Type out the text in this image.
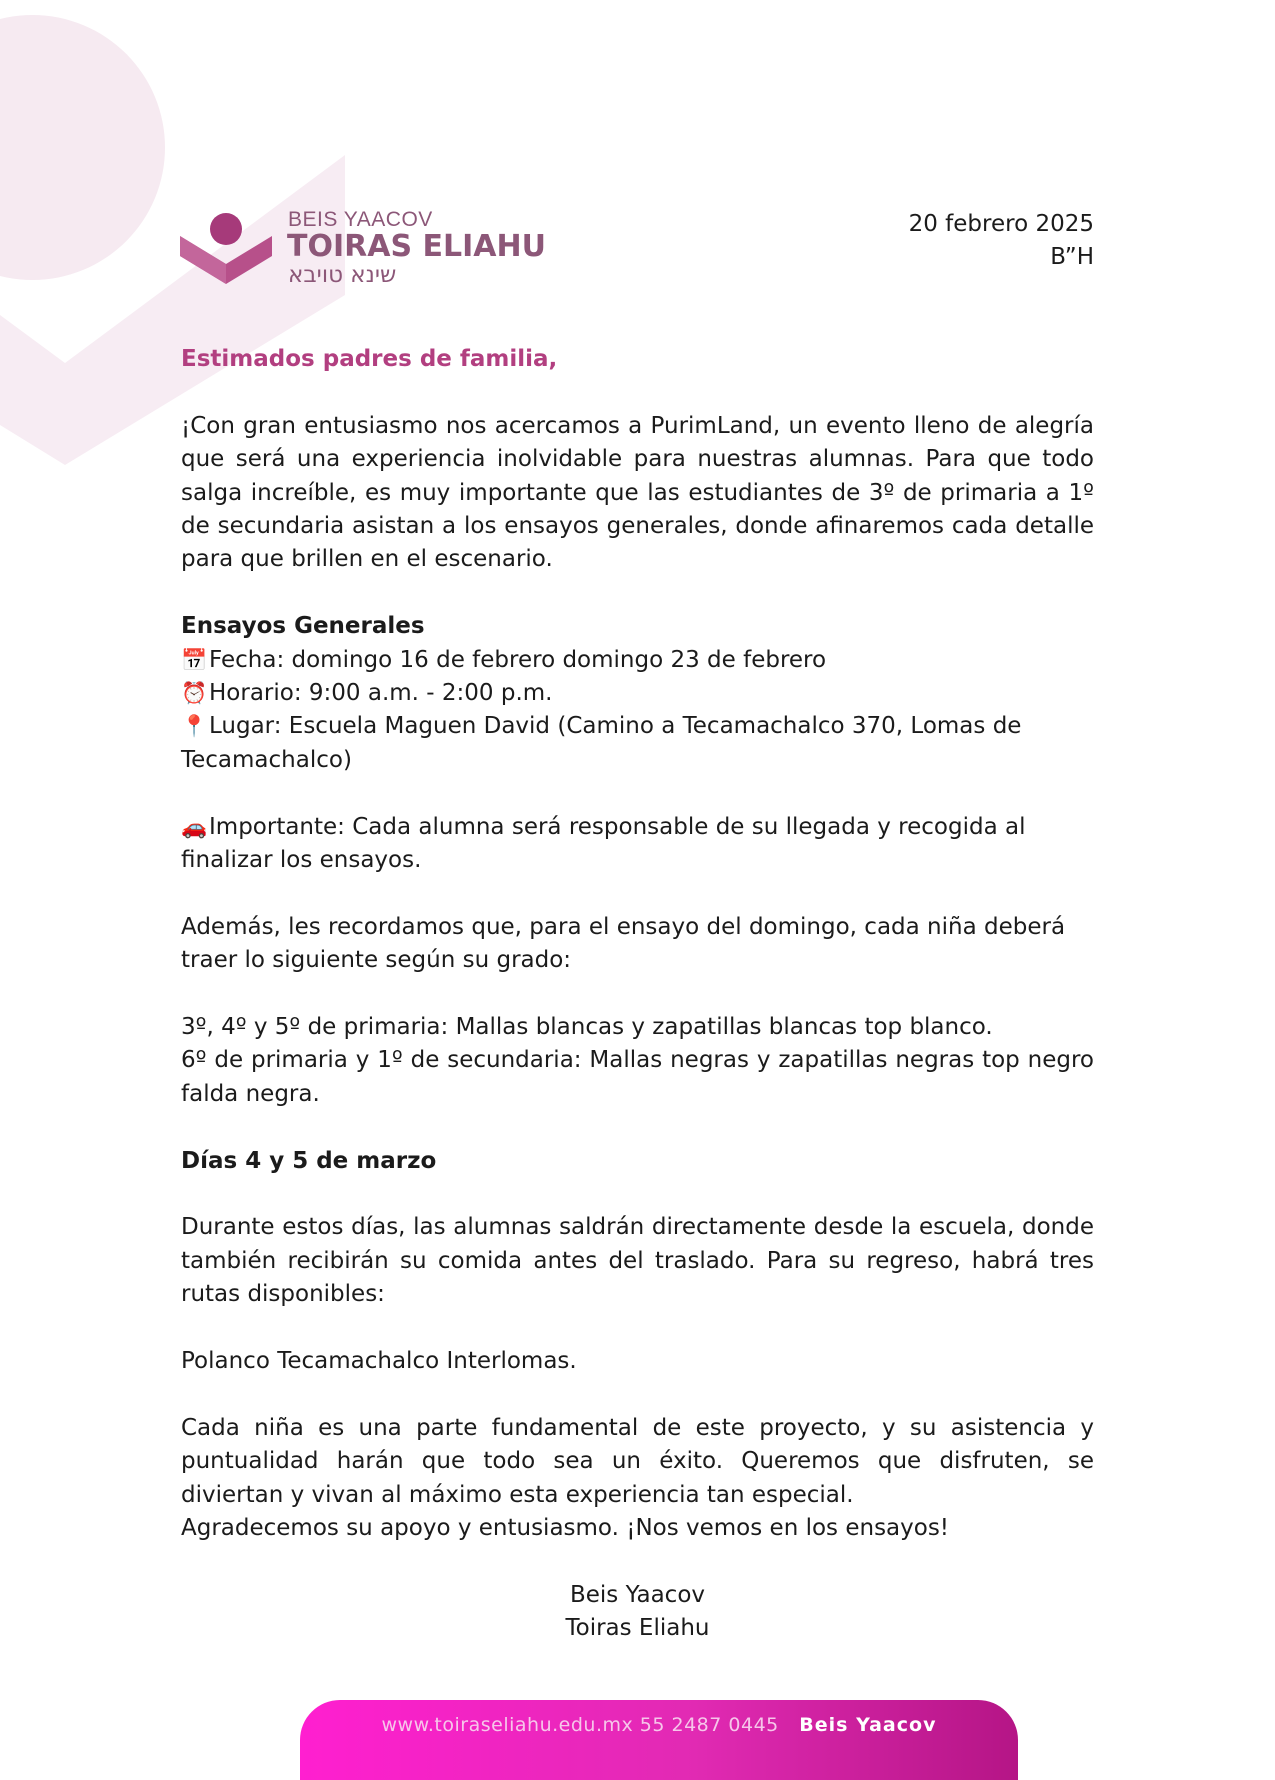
BEIS YAACOV
TOIRAS ELIAHU
שינא טויבא
20 febrero 2025
B”H

Estimados padres de familia,

¡Con gran entusiasmo nos acercamos a PurimLand, un evento lleno de alegría que será una experiencia inolvidable para nuestras alumnas. Para que todo salga increíble, es muy importante que las estudiantes de 3º de primaria a 1º de secundaria asistan a los ensayos generales, donde afinaremos cada detalle para que brillen en el escenario.

Ensayos Generales

📅Fecha: domingo 16 de febrero domingo 23 de febrero

⏰Horario: 9:00 a.m. - 2:00 p.m.

📍Lugar: Escuela Maguen David (Camino a Tecamachalco 370, Lomas de Tecamachalco)

🚗Importante: Cada alumna será responsable de su llegada y recogida al finalizar los ensayos.

Además, les recordamos que, para el ensayo del domingo, cada niña deberá traer lo siguiente según su grado:

3º, 4º y 5º de primaria: Mallas blancas y zapatillas blancas top blanco.

6º de primaria y 1º de secundaria: Mallas negras y zapatillas negras top negro falda negra.

Días 4 y 5 de marzo

Durante estos días, las alumnas saldrán directamente desde la escuela, donde también recibirán su comida antes del traslado. Para su regreso, habrá tres rutas disponibles:

Polanco Tecamachalco Interlomas.

Cada niña es una parte fundamental de este proyecto, y su asistencia y puntualidad harán que todo sea un éxito. Queremos que disfruten, se diviertan y vivan al máximo esta experiencia tan especial.

Agradecemos su apoyo y entusiasmo. ¡Nos vemos en los ensayos!

Beis Yaacov

Toiras Eliahu

www.toiraseliahu.edu.mx 55 2487 0445 Beis Yaacov
